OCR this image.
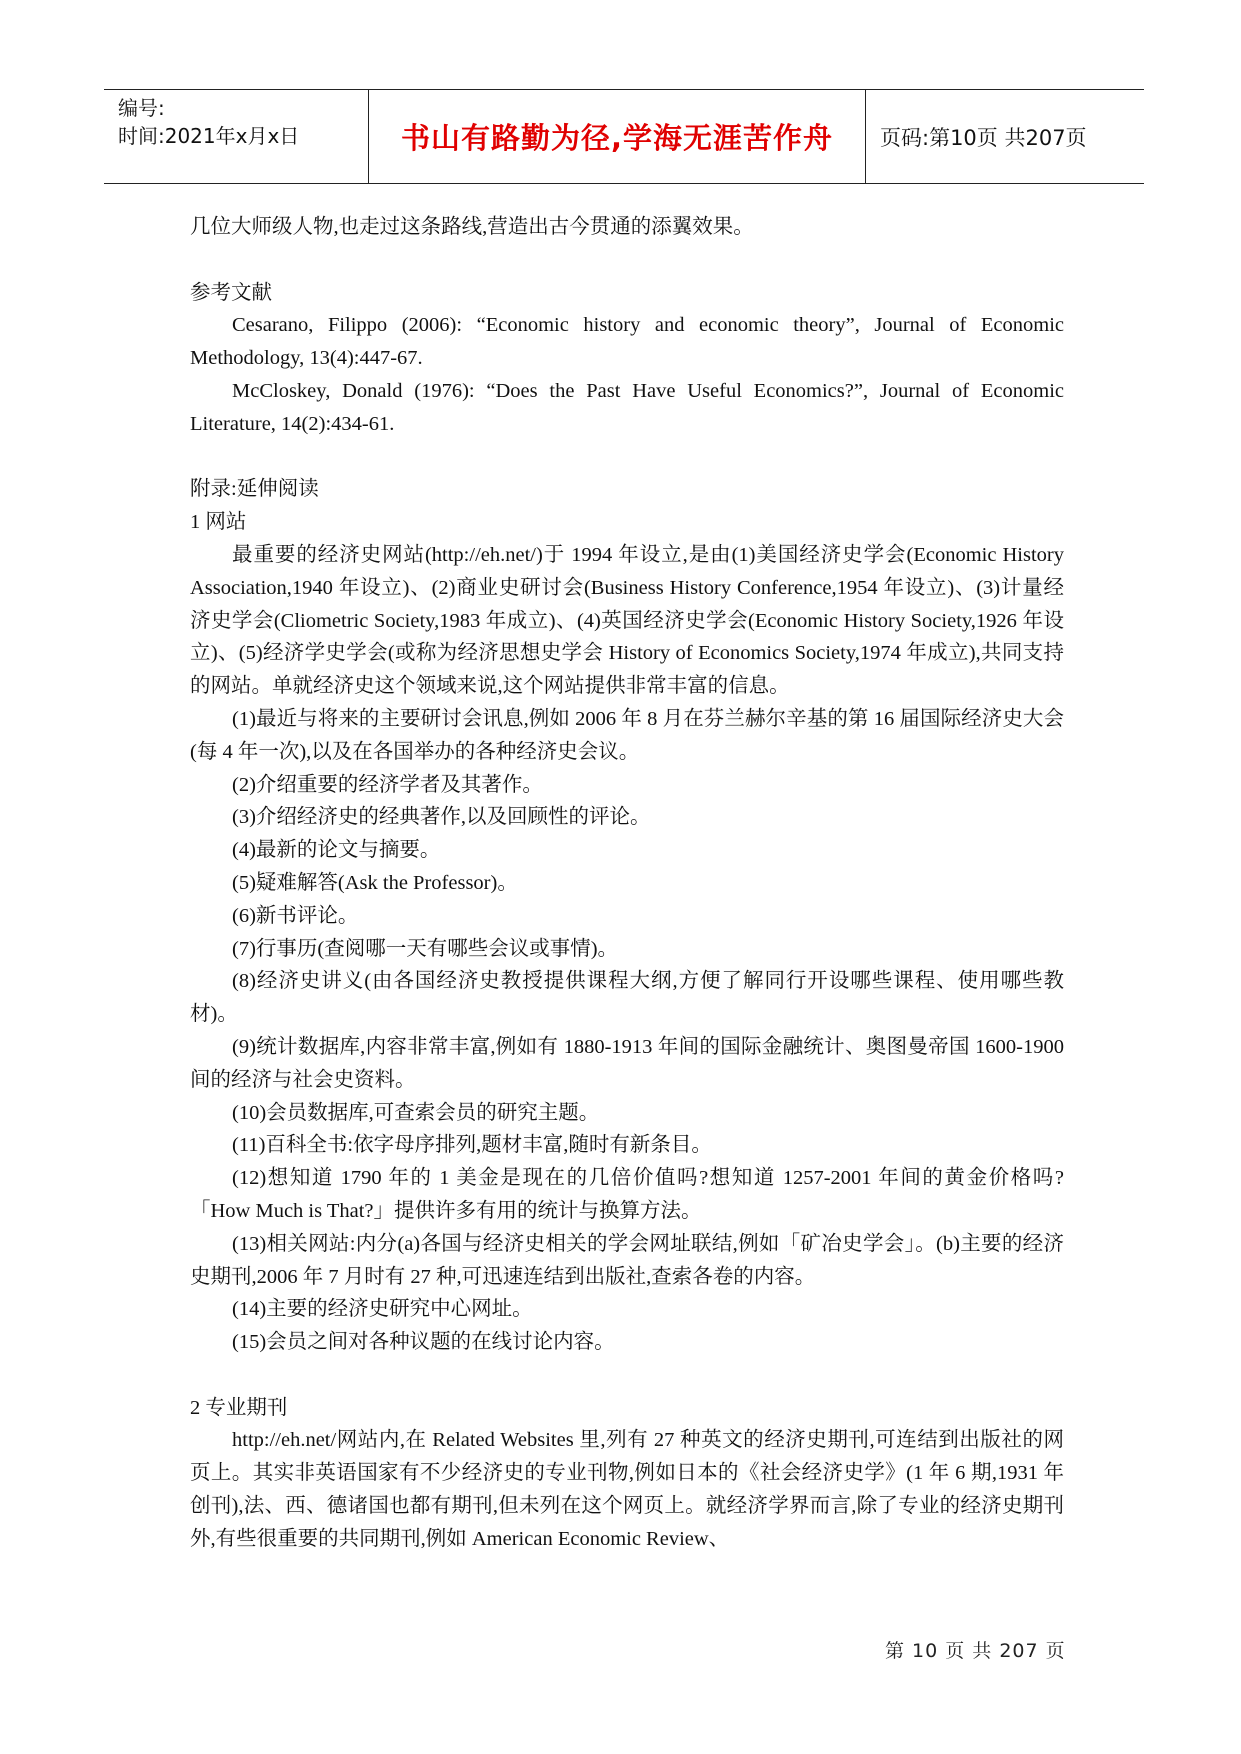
编号:
时间:2021年x月x日	书山有路勤为径,学海无涯苦作舟	页码:第10页 共207页

几位大师级人物,也走过这条路线,营造出古今贯通的添翼效果。

参考文献

Cesarano, Filippo (2006): “Economic history and economic theory”, Journal of Economic Methodology, 13(4):447-67.

McCloskey, Donald (1976): “Does the Past Have Useful Economics?”, Journal of Economic Literature, 14(2):434-61.

附录:延伸阅读

1 网站

最重要的经济史网站(http://eh.net/)于 1994 年设立,是由(1)美国经济史学会(Economic History Association,1940 年设立)、(2)商业史研讨会(Business History Conference,1954 年设立)、(3)计量经济史学会(Cliometric Society,1983 年成立)、(4)英国经济史学会(Economic History Society,1926 年设立)、(5)经济学史学会(或称为经济思想史学会 History of Economics Society,1974 年成立),共同支持的网站。单就经济史这个领域来说,这个网站提供非常丰富的信息。

(1)最近与将来的主要研讨会讯息,例如 2006 年 8 月在芬兰赫尔辛基的第 16 届国际经济史大会(每 4 年一次),以及在各国举办的各种经济史会议。

(2)介绍重要的经济学者及其著作。

(3)介绍经济史的经典著作,以及回顾性的评论。

(4)最新的论文与摘要。

(5)疑难解答(Ask the Professor)。

(6)新书评论。

(7)行事历(查阅哪一天有哪些会议或事情)。

(8)经济史讲义(由各国经济史教授提供课程大纲,方便了解同行开设哪些课程、使用哪些教材)。

(9)统计数据库,内容非常丰富,例如有 1880-1913 年间的国际金融统计、奥图曼帝国 1600-1900 间的经济与社会史资料。

(10)会员数据库,可查索会员的研究主题。

(11)百科全书:依字母序排列,题材丰富,随时有新条目。

(12)想知道 1790 年的 1 美金是现在的几倍价值吗?想知道 1257-2001 年间的黄金价格吗?「How Much is That?」提供许多有用的统计与换算方法。

(13)相关网站:内分(a)各国与经济史相关的学会网址联结,例如「矿冶史学会」。(b)主要的经济史期刊,2006 年 7 月时有 27 种,可迅速连结到出版社,查索各卷的内容。

(14)主要的经济史研究中心网址。

(15)会员之间对各种议题的在线讨论内容。

2 专业期刊

http://eh.net/网站内,在 Related Websites 里,列有 27 种英文的经济史期刊,可连结到出版社的网页上。其实非英语国家有不少经济史的专业刊物,例如日本的《社会经济史学》(1 年 6 期,1931 年创刊),法、西、德诸国也都有期刊,但未列在这个网页上。就经济学界而言,除了专业的经济史期刊外,有些很重要的共同期刊,例如 American Economic Review、

第 10 页 共 207 页
